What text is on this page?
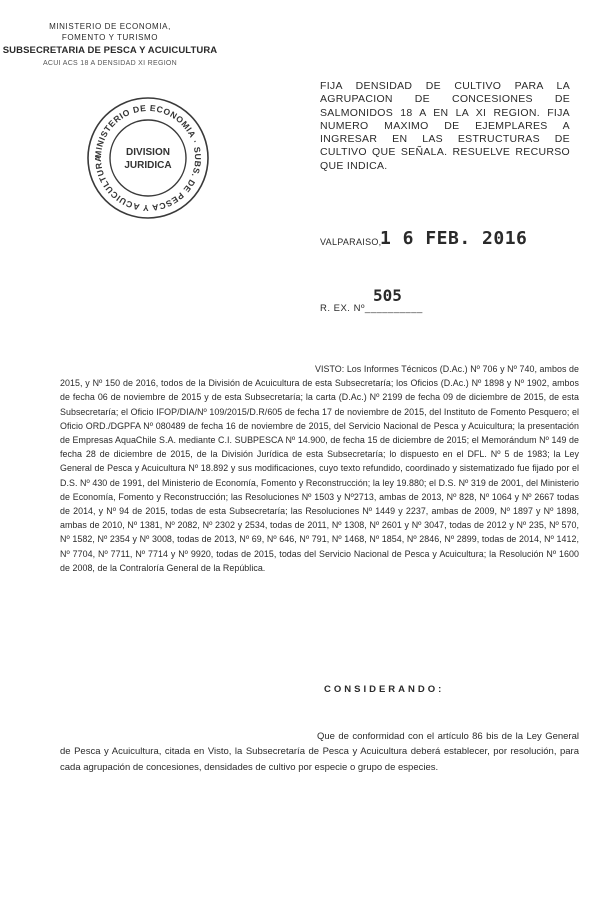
MINISTERIO DE ECONOMIA,
FOMENTO Y TURISMO
SUBSECRETARIA DE PESCA Y ACUICULTURA
ACUI ACS 18 A DENSIDAD XI REGION
MINISTERIO DE ECONOMIA · SUBS. DE PESCA Y ACUICULTURA
DIVISION
JURIDICA
FIJA DENSIDAD DE CULTIVO PARA LA AGRUPACION DE CONCESIONES DE SALMONIDOS 18 A EN LA XI REGION. FIJA NUMERO MAXIMO DE EJEMPLARES A INGRESAR EN LAS ESTRUCTURAS DE CULTIVO QUE SEÑALA. RESUELVE RECURSO QUE INDICA.
VALPARAISO,
1 6 FEB. 2016
505
R. EX. Nº__________

VISTO: Los Informes Técnicos (D.Ac.) Nº 706 y Nº 740, ambos de 2015, y Nº 150 de 2016, todos de la División de Acuicultura de esta Subsecretaría; los Oficios (D.Ac.) Nº 1898 y Nº 1902, ambos de fecha 06 de noviembre de 2015 y de esta Subsecretaría; la carta (D.Ac.) Nº 2199 de fecha 09 de diciembre de 2015, de esta Subsecretaría; el Oficio IFOP/DIA/Nº 109/2015/D.R/605 de fecha 17 de noviembre de 2015, del Instituto de Fomento Pesquero; el Oficio ORD./DGPFA Nº 080489 de fecha 16 de noviembre de 2015, del Servicio Nacional de Pesca y Acuicultura; la presentación de Empresas AquaChile S.A. mediante C.I. SUBPESCA Nº 14.900, de fecha 15 de diciembre de 2015; el Memorándum Nº 149 de fecha 28 de diciembre de 2015, de la División Jurídica de esta Subsecretaría; lo dispuesto en el DFL. Nº 5 de 1983; la Ley General de Pesca y Acuicultura Nº 18.892 y sus modificaciones, cuyo texto refundido, coordinado y sistematizado fue fijado por el D.S. Nº 430 de 1991, del Ministerio de Economía, Fomento y Reconstrucción; la ley 19.880; el D.S. Nº 319 de 2001, del Ministerio de Economía, Fomento y Reconstrucción; las Resoluciones Nº 1503 y Nº2713, ambas de 2013, Nº 828, Nº 1064 y Nº 2667 todas de 2014, y Nº 94 de 2015, todas de esta Subsecretaría; las Resoluciones Nº 1449 y 2237, ambas de 2009, Nº 1897 y Nº 1898, ambas de 2010, Nº 1381, Nº 2082, Nº 2302 y 2534, todas de 2011, Nº 1308, Nº 2601 y Nº 3047, todas de 2012 y Nº 235, Nº 570, Nº 1582, Nº 2354 y Nº 3008, todas de 2013, Nº 69, Nº 646, Nº 791, Nº 1468, Nº 1854, Nº 2846, Nº 2899, todas de 2014, Nº 1412, Nº 7704, Nº 7711, Nº 7714 y Nº 9920, todas de 2015, todas del Servicio Nacional de Pesca y Acuicultura; la Resolución Nº 1600 de 2008, de la Contraloría General de la República.

CONSIDERANDO:

Que de conformidad con el artículo 86 bis de la Ley General de Pesca y Acuicultura, citada en Visto, la Subsecretaría de Pesca y Acuicultura deberá establecer, por resolución, para cada agrupación de concesiones, densidades de cultivo por especie o grupo de especies.
